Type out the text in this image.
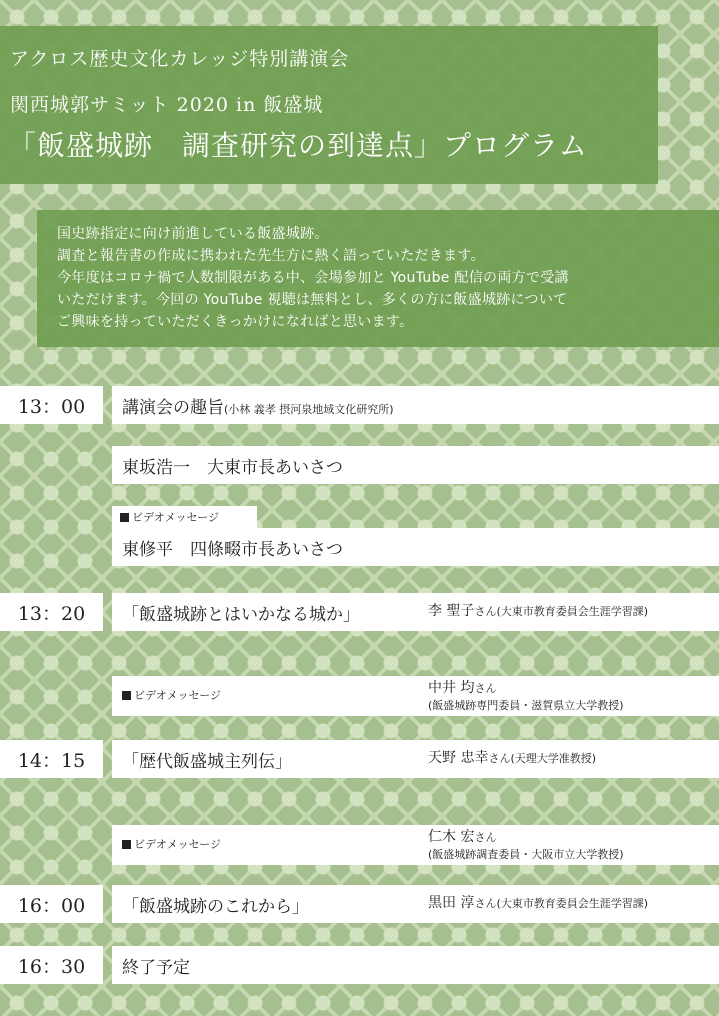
アクロス歴史文化カレッジ特別講演会
関西城郭サミット 2020 in 飯盛城
「飯盛城跡　調査研究の到達点」プログラム
国史跡指定に向け前進している飯盛城跡。
調査と報告書の作成に携われた先生方に熱く語っていただきます。
今年度はコロナ禍で人数制限がある中、会場参加と YouTube 配信の両方で受講
いただけます。今回の YouTube 視聴は無料とし、多くの方に飯盛城跡について
ご興味を持っていただくきっかけになればと思います。
13：00	講演会の趣旨(小林 義孝 摂河泉地域文化研究所)
東坂浩一　大東市長あいさつ
ビデオメッセージ
東修平　四條畷市長あいさつ
13：20	「飯盛城跡とはいかなる城か」	李 聖子さん(大東市教育委員会生涯学習課)
ビデオメッセージ	中井 均さん
(飯盛城跡専門委員・滋賀県立大学教授)
14：15	「歴代飯盛城主列伝」	天野 忠幸さん(天理大学准教授)
ビデオメッセージ	仁木 宏さん
(飯盛城跡調査委員・大阪市立大学教授)
16：00	「飯盛城跡のこれから」	黒田 淳さん(大東市教育委員会生涯学習課)
16：30	終了予定
